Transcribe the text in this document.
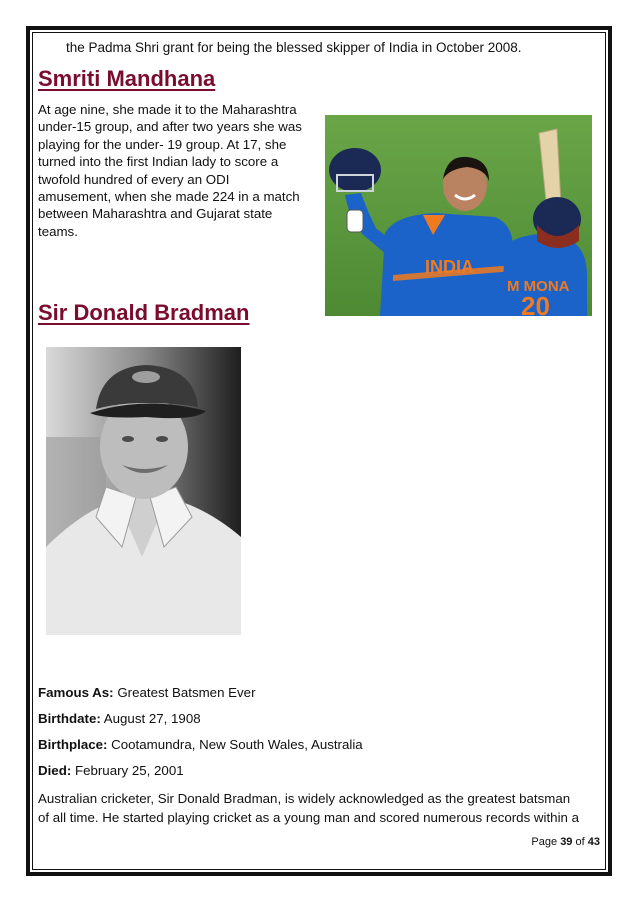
the Padma Shri grant for being the blessed skipper of India in October 2008.
Smriti Mandhana
At age nine, she made it to the Maharashtra
under-15 group, and after two years she was
playing for the under- 19 group. At 17, she
turned into the first Indian lady to score a
twofold hundred of every an ODI
amusement, when she made 224 in a match
between Maharashtra and Gujarat state
teams.
M MONA
20
INDIA
Sir Donald Bradman
Famous As: Greatest Batsmen Ever
Birthdate: August 27, 1908
Birthplace: Cootamundra, New South Wales, Australia
Died: February 25, 2001
Australian cricketer, Sir Donald Bradman, is widely acknowledged as the greatest batsman
of all time. He started playing cricket as a young man and scored numerous records within a
Page 39 of 43
